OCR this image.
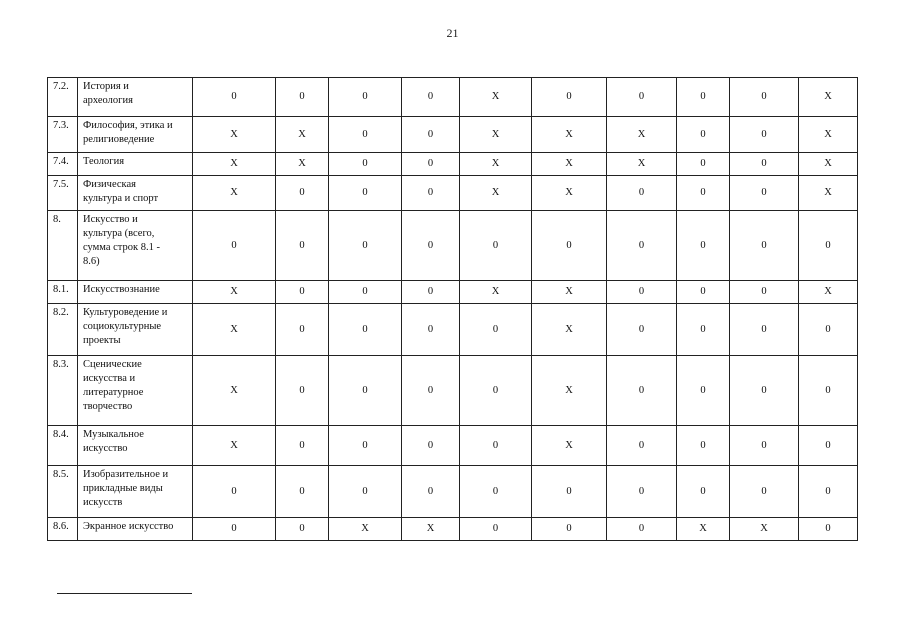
21
7.2.	История и
археология	0	0	0	0	X	0	0	0	0	X
7.3.	Философия, этика и
религиоведение	X	X	0	0	X	X	X	0	0	X
7.4.	Теология	X	X	0	0	X	X	X	0	0	X
7.5.	Физическая
культура и спорт	X	0	0	0	X	X	0	0	0	X
8.	Искусство и
культура (всего,
сумма строк 8.1 -
8.6)	0	0	0	0	0	0	0	0	0	0
8.1.	Искусствознание	X	0	0	0	X	X	0	0	0	X
8.2.	Культуроведение и
социокультурные
проекты	X	0	0	0	0	X	0	0	0	0
8.3.	Сценические
искусства и
литературное
творчество	X	0	0	0	0	X	0	0	0	0
8.4.	Музыкальное
искусство	X	0	0	0	0	X	0	0	0	0
8.5.	Изобразительное и
прикладные виды
искусств	0	0	0	0	0	0	0	0	0	0
8.6.	Экранное искусство	0	0	X	X	0	0	0	X	X	0
